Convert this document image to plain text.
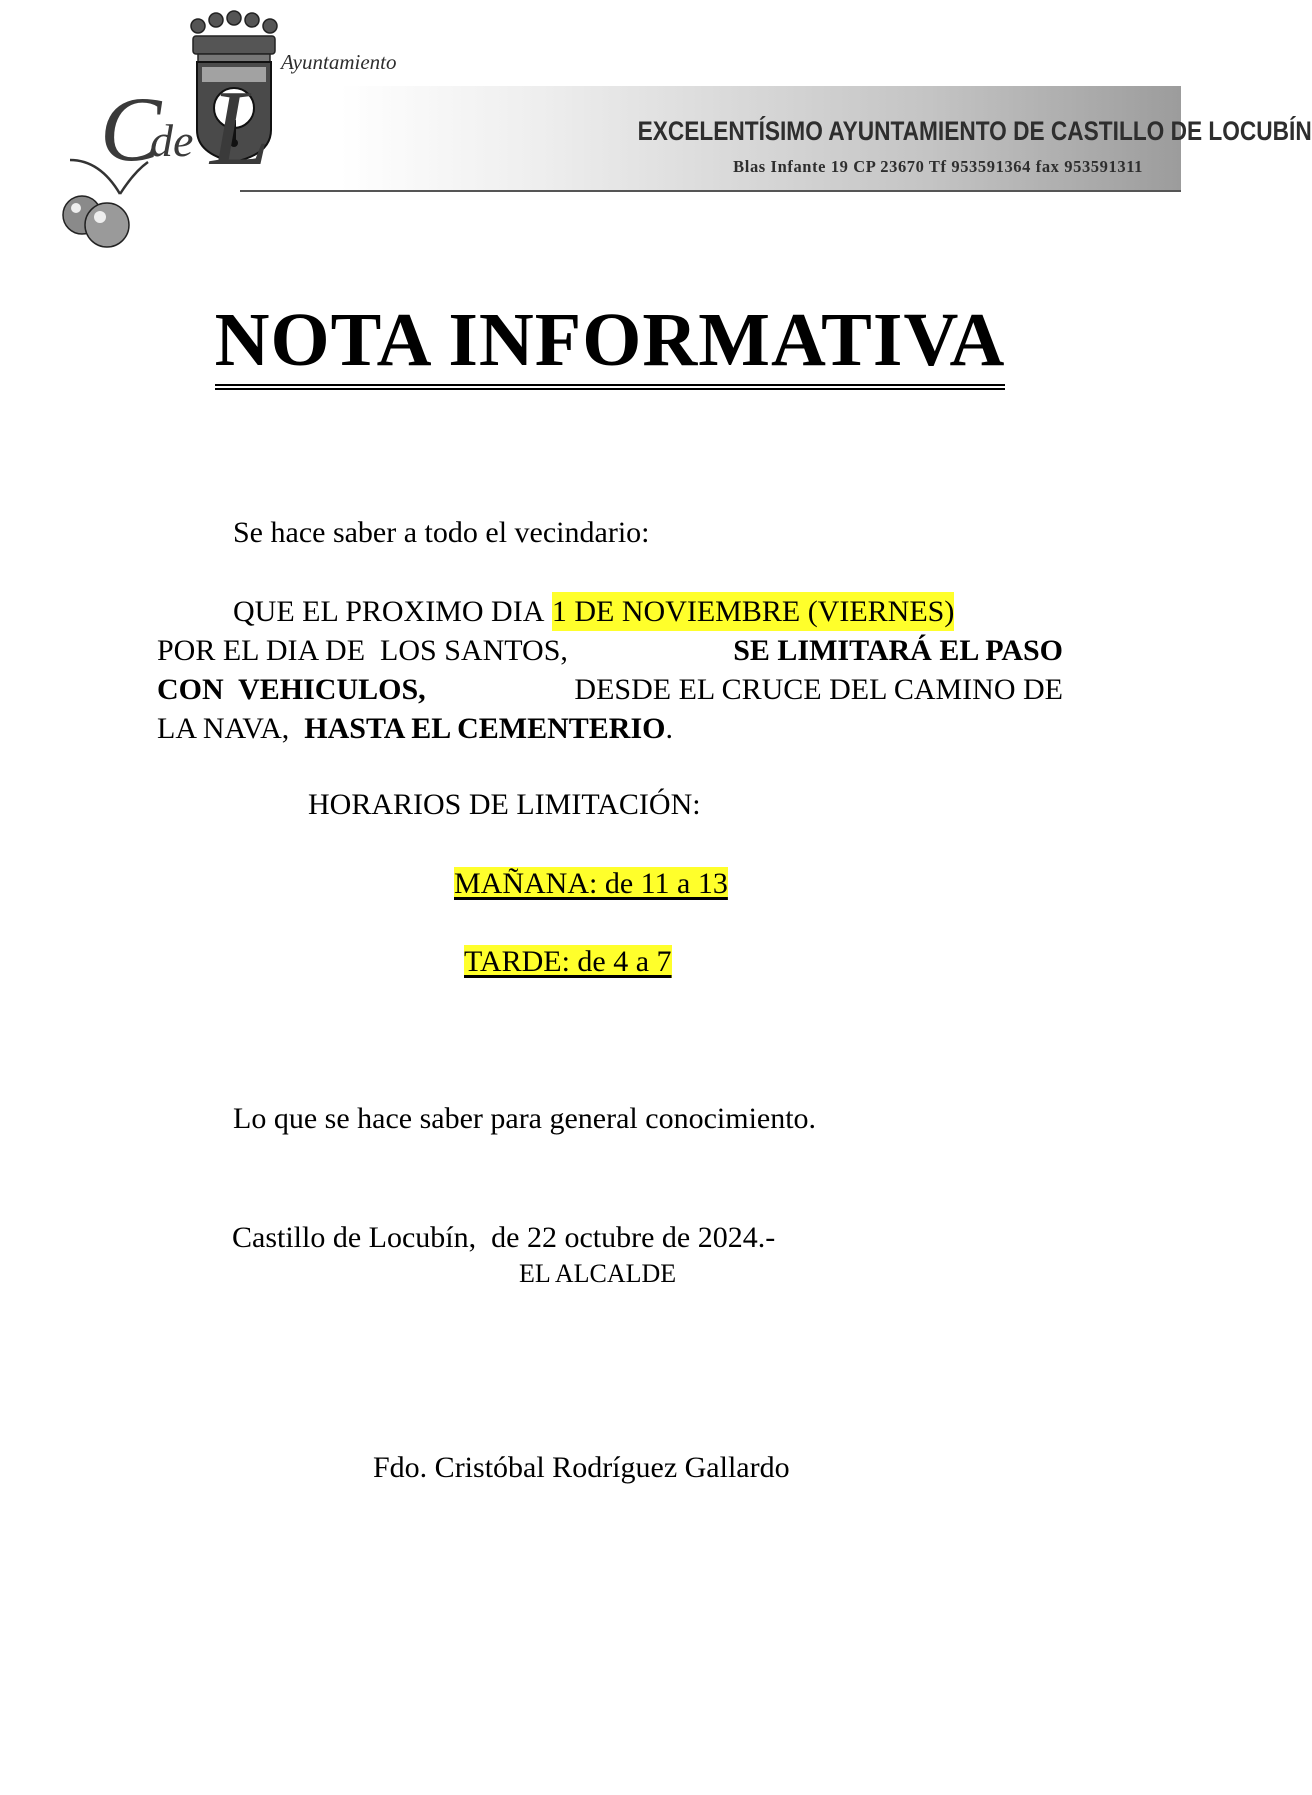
C
de L
Ayuntamiento
EXCELENTÍSIMO AYUNTAMIENTO DE CASTILLO DE LOCUBÍN
Blas Infante 19 CP 23670 Tf 953591364 fax 953591311
NOTA INFORMATIVA
Se hace saber a todo el vecindario:
QUE EL PROXIMO DIA
1 DE NOVIEMBRE (VIERNES)
POR EL DIA DE  LOS SANTOS,	SE LIMITARÁ EL PASO
CON  VEHICULOS,	DESDE EL CRUCE DEL CAMINO DE
LA NAVA,
HASTA EL CEMENTERIO .
HORARIOS DE LIMITACIÓN:
MAÑANA: de 11 a 13
TARDE: de 4 a 7
Lo que se hace saber para general conocimiento.
Castillo de Locubín,  de 22 octubre de 2024.-
EL ALCALDE
Fdo. Cristóbal Rodríguez Gallardo
